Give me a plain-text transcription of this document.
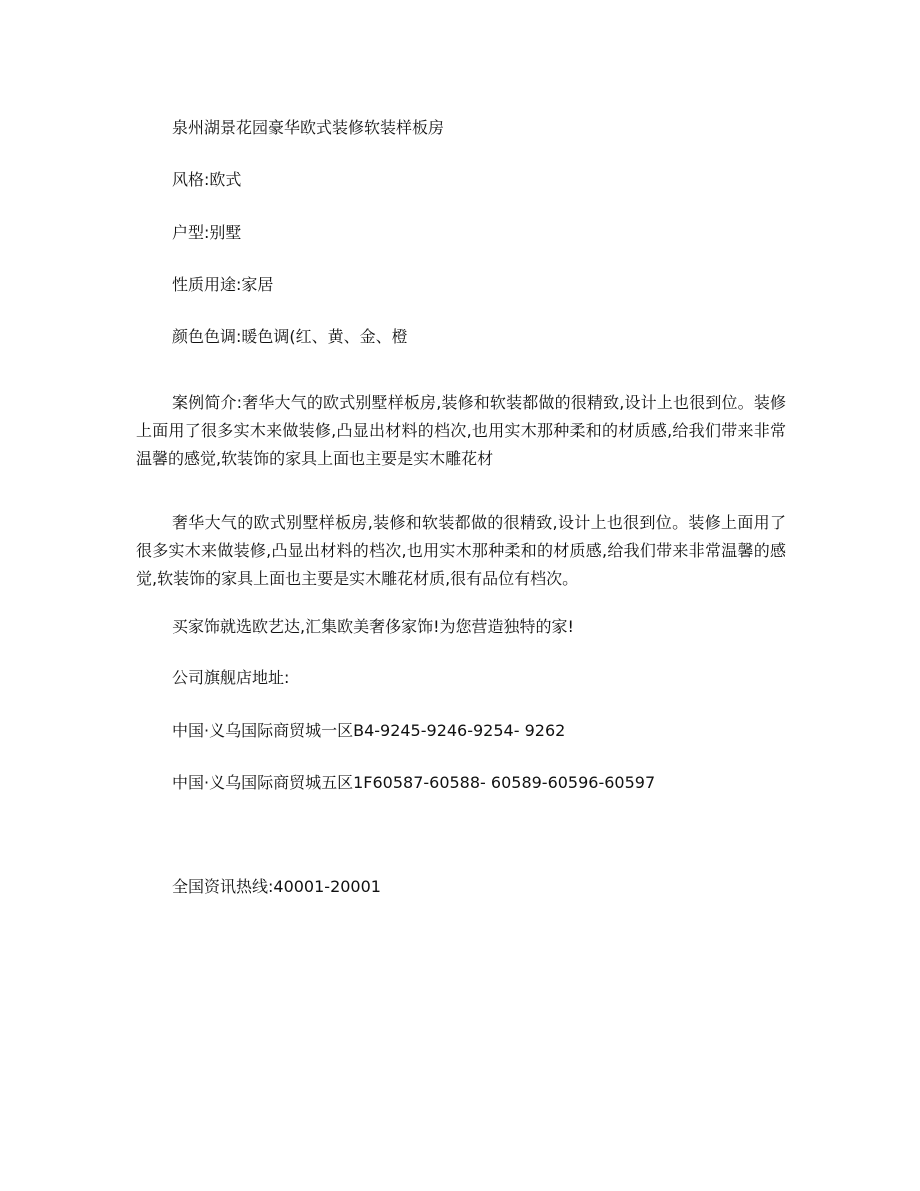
泉州湖景花园豪华欧式装修软装样板房
风格:欧式
户型:别墅
性质用途:家居
颜色色调:暖色调(红、黄、金、橙

案例简介:奢华大气的欧式别墅样板房,装修和软装都做的很精致,设计上也很到位。装修上面用了很多实木来做装修,凸显出材料的档次,也用实木那种柔和的材质感,给我们带来非常温馨的感觉,软装饰的家具上面也主要是实木雕花材

奢华大气的欧式别墅样板房,装修和软装都做的很精致,设计上也很到位。装修上面用了很多实木来做装修,凸显出材料的档次,也用实木那种柔和的材质感,给我们带来非常温馨的感觉,软装饰的家具上面也主要是实木雕花材质,很有品位有档次。

买家饰就选欧艺达,汇集欧美奢侈家饰!为您营造独特的家!
公司旗舰店地址:
中国·义乌国际商贸城一区B4-9245-9246-9254- 9262
中国·义乌国际商贸城五区1F60587-60588- 60589-60596-60597
全国资讯热线:40001-20001
